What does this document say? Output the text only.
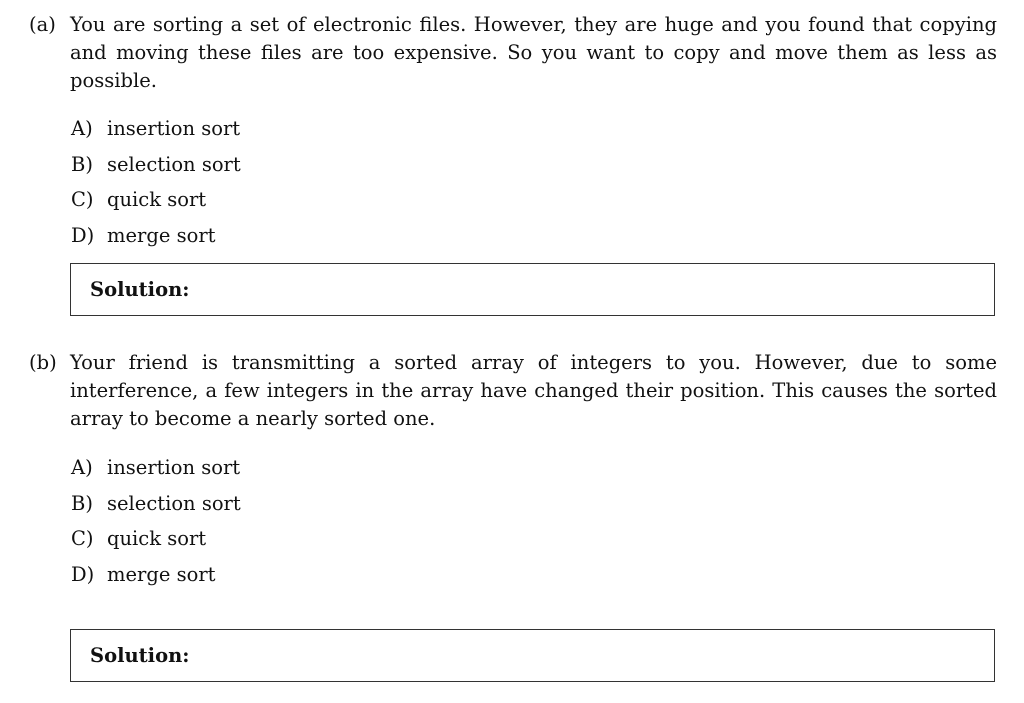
(a) You are sorting a set of electronic files. However, they are huge and you found that copying and moving these files are too expensive. So you want to copy and move them as less as possible.
A) insertion sort
B) selection sort
C) quick sort
D) merge sort
Solution:
(b) Your friend is transmitting a sorted array of integers to you. However, due to some interference, a few integers in the array have changed their position. This causes the sorted array to become a nearly sorted one.
A) insertion sort
B) selection sort
C) quick sort
D) merge sort
Solution:
